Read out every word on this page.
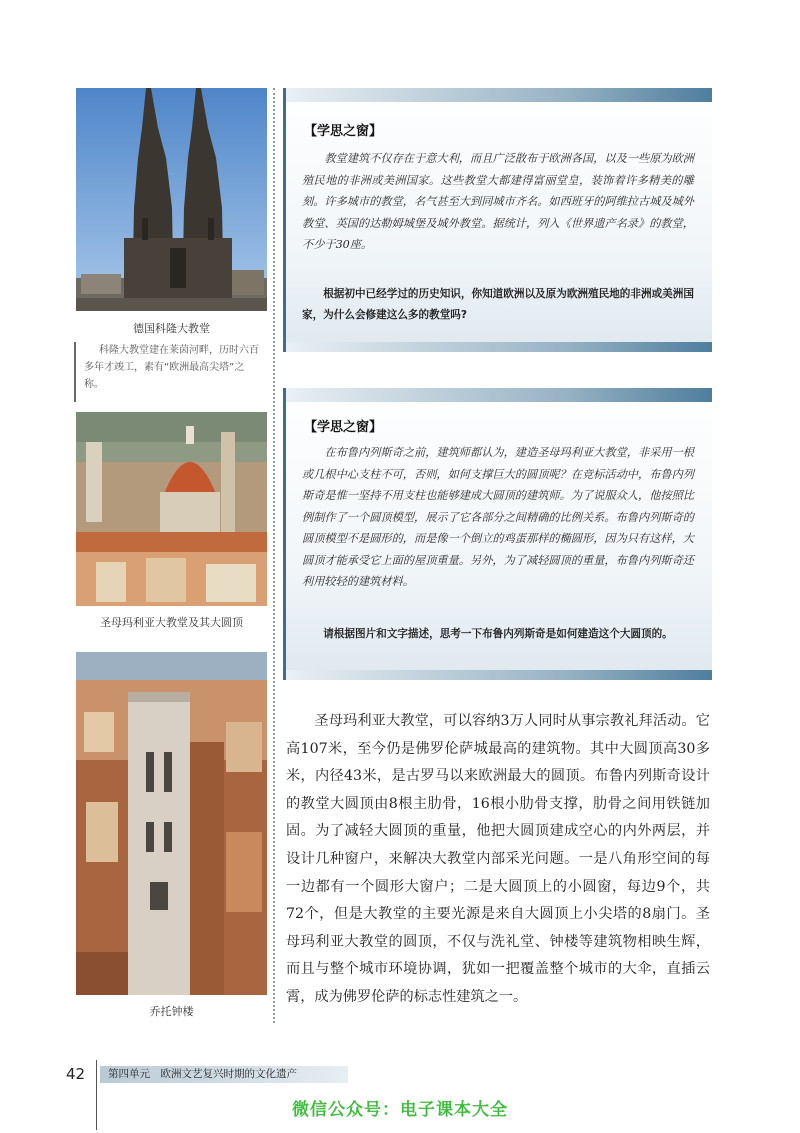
德国科隆大教堂
科隆大教堂建在莱茵河畔，历时六百多年才竣工，素有“欧洲最高尖塔”之称。
圣母玛利亚大教堂及其大圆顶
乔托钟楼
【学思之窗】
教堂建筑不仅存在于意大利，而且广泛散布于欧洲各国，以及一些原为欧洲殖民地的非洲或美洲国家。这些教堂大都建得富丽堂皇，装饰着许多精美的雕刻。许多城市的教堂，名气甚至大到同城市齐名。如西班牙的阿维拉古城及城外教堂、英国的达勒姆城堡及城外教堂。据统计，列入《世界遗产名录》的教堂，不少于30座。
根据初中已经学过的历史知识，你知道欧洲以及原为欧洲殖民地的非洲或美洲国家，为什么会修建这么多的教堂吗?
【学思之窗】
在布鲁内列斯奇之前，建筑师都认为，建造圣母玛利亚大教堂，非采用一根或几根中心支柱不可，否则，如何支撑巨大的圆顶呢？在竞标活动中，布鲁内列斯奇是惟一坚持不用支柱也能够建成大圆顶的建筑师。为了说服众人，他按照比例制作了一个圆顶模型，展示了它各部分之间精确的比例关系。布鲁内列斯奇的圆顶模型不是圆形的，而是像一个倒立的鸡蛋那样的椭圆形，因为只有这样，大圆顶才能承受它上面的屋顶重量。另外，为了减轻圆顶的重量，布鲁内列斯奇还利用较轻的建筑材料。
请根据图片和文字描述，思考一下布鲁内列斯奇是如何建造这个大圆顶的。
圣母玛利亚大教堂，可以容纳3万人同时从事宗教礼拜活动。它高107米，至今仍是佛罗伦萨城最高的建筑物。其中大圆顶高30多米，内径43米，是古罗马以来欧洲最大的圆顶。布鲁内列斯奇设计的教堂大圆顶由8根主肋骨，16根小肋骨支撑，肋骨之间用铁链加固。为了减轻大圆顶的重量，他把大圆顶建成空心的内外两层，并设计几种窗户，来解决大教堂内部采光问题。一是八角形空间的每一边都有一个圆形大窗户；二是大圆顶上的小圆窗，每边9个，共72个，但是大教堂的主要光源是来自大圆顶上小尖塔的8扇门。圣母玛利亚大教堂的圆顶，不仅与洗礼堂、钟楼等建筑物相映生辉，而且与整个城市环境协调，犹如一把覆盖整个城市的大伞，直插云霄，成为佛罗伦萨的标志性建筑之一。
42	第四单元　欧洲文艺复兴时期的文化遗产
微信公众号：电子课本大全
